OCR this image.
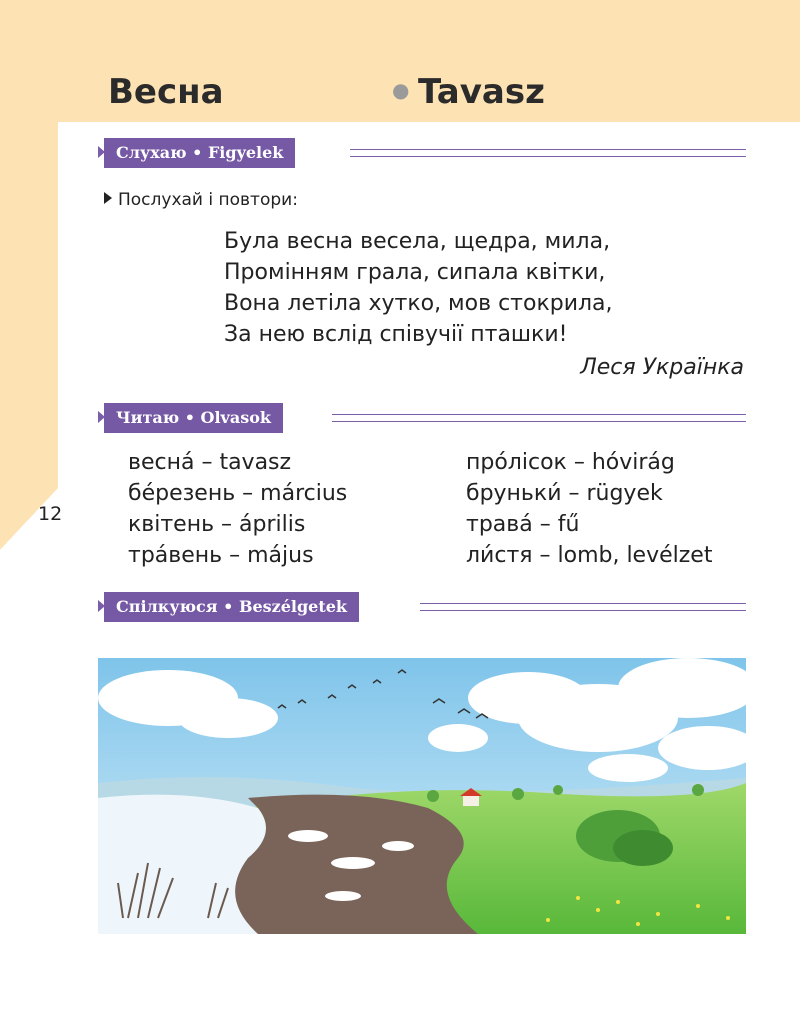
Весна	● Tavasz
Слухаю • Figyelek
Послухай і повтори:
Була весна весела, щедра, мила,
Промінням грала, сипала квітки,
Вона летіла хутко, мов стокрила,
За нею вслід співучії пташки!
Леся Українка
Читаю • Olvasok
весна́ – tavasz
бе́резень – március
квітень – április
тра́вень – május
про́лісок – hóvirág
бруньки́ – rügyek
трава́ – fű
ли́стя – lomb, levélzet
12
Спілкуюся • Beszélgetek
